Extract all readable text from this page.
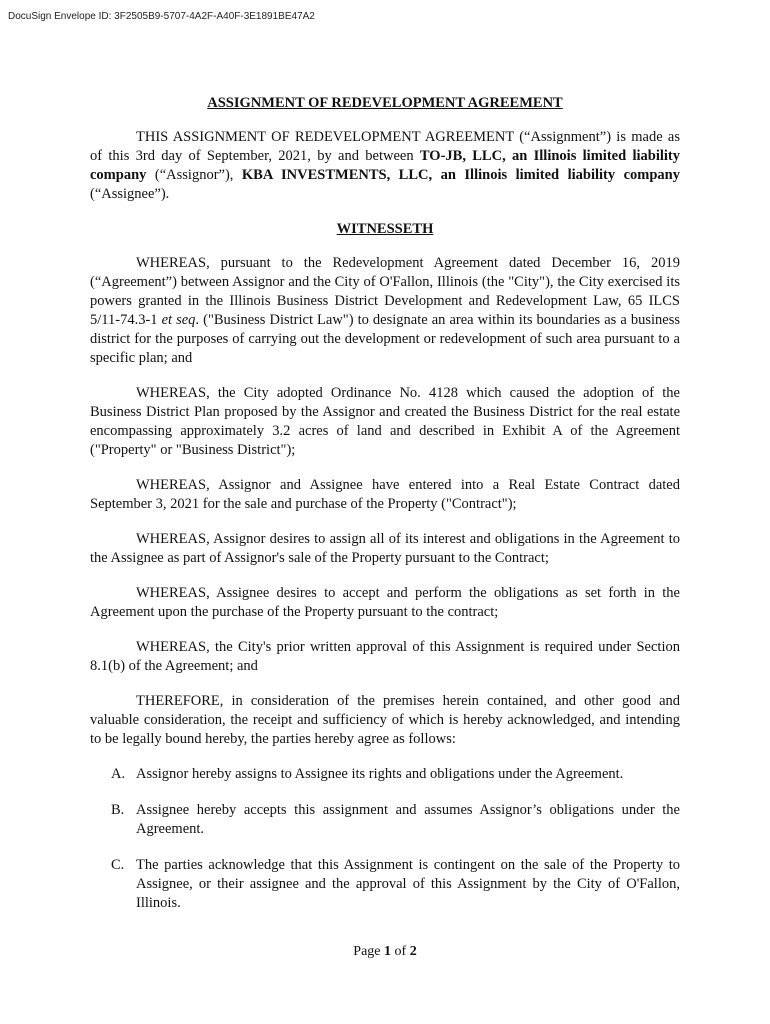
DocuSign Envelope ID: 3F2505B9-5707-4A2F-A40F-3E1891BE47A2
ASSIGNMENT OF REDEVELOPMENT AGREEMENT

THIS ASSIGNMENT OF REDEVELOPMENT AGREEMENT (“Assignment”) is made as of this 3rd day of September, 2021, by and between TO-JB, LLC, an Illinois limited liability company (“Assignor”), KBA INVESTMENTS, LLC, an Illinois limited liability company (“Assignee”).

WITNESSETH

WHEREAS, pursuant to the Redevelopment Agreement dated December 16, 2019 (“Agreement”) between Assignor and the City of O'Fallon, Illinois (the "City"), the City exercised its powers granted in the Illinois Business District Development and Redevelopment Law, 65 ILCS 5/11-74.3-1 et seq. ("Business District Law") to designate an area within its boundaries as a business district for the purposes of carrying out the development or redevelopment of such area pursuant to a specific plan; and

WHEREAS, the City adopted Ordinance No. 4128 which caused the adoption of the Business District Plan proposed by the Assignor and created the Business District for the real estate encompassing approximately 3.2 acres of land and described in Exhibit A of the Agreement ("Property" or "Business District");

WHEREAS, Assignor and Assignee have entered into a Real Estate Contract dated September 3, 2021 for the sale and purchase of the Property ("Contract");

WHEREAS, Assignor desires to assign all of its interest and obligations in the Agreement to the Assignee as part of Assignor's sale of the Property pursuant to the Contract;

WHEREAS, Assignee desires to accept and perform the obligations as set forth in the Agreement upon the purchase of the Property pursuant to the contract;

WHEREAS, the City's prior written approval of this Assignment is required under Section 8.1(b) of the Agreement; and

THEREFORE, in consideration of the premises herein contained, and other good and valuable consideration, the receipt and sufficiency of which is hereby acknowledged, and intending to be legally bound hereby, the parties hereby agree as follows:

A. Assignor hereby assigns to Assignee its rights and obligations under the Agreement.
B. Assignee hereby accepts this assignment and assumes Assignor’s obligations under the Agreement.
C. The parties acknowledge that this Assignment is contingent on the sale of the Property to Assignee, or their assignee and the approval of this Assignment by the City of O'Fallon, Illinois.
Page 1 of 2
